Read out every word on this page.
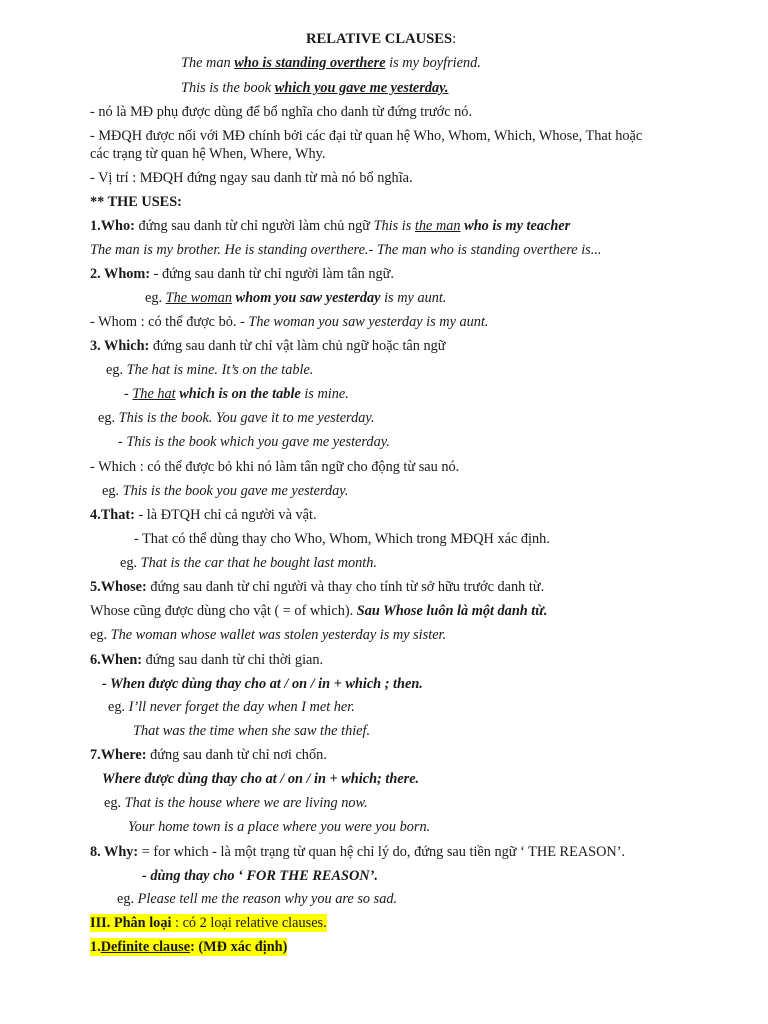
RELATIVE CLAUSES:
The man who is standing overthere is my boyfriend.
This is the book which you gave me yesterday.
- nó là MĐ phụ được dùng để bổ nghĩa cho danh từ đứng trước nó.
- MĐQH được nối với MĐ chính bởi các đại từ quan hệ Who, Whom, Which, Whose, That hoặc
các trạng từ quan hệ When, Where, Why.
- Vị trí : MĐQH đứng ngay sau danh từ mà nó bổ nghĩa.
** THE USES:
1.Who: đứng sau danh từ chỉ người làm chủ ngữ This is the man who is my teacher
The man is my brother. He is standing overthere.- The man who is standing overthere is...
2. Whom: - đứng sau danh từ chỉ người làm tân ngữ.
eg. The woman whom you saw yesterday is my aunt.
- Whom : có thể được bỏ. - The woman you saw yesterday is my aunt.
3. Which: đứng sau danh từ chỉ vật làm chủ ngữ hoặc tân ngữ
eg. The hat is mine. It’s on the table.
- The hat which is on the table is mine.
eg. This is the book. You gave it to me yesterday.
- This is the book which you gave me yesterday.
- Which : có thể được bỏ khi nó làm tân ngữ cho động từ sau nó.
eg. This is the book you gave me yesterday.
4.That: - là ĐTQH chỉ cả người và vật.
- That có thể dùng thay cho Who, Whom, Which trong MĐQH xác định.
eg. That is the car that he bought last month.
5.Whose: đứng sau danh từ chỉ người và thay cho tính từ sở hữu trước danh từ.
Whose cũng được dùng cho vật ( = of which). Sau Whose luôn là một danh từ.
eg. The woman whose wallet was stolen yesterday is my sister.
6.When: đứng sau danh từ chỉ thời gian.
- When được dùng thay cho at / on / in + which ; then.
eg. I’ll never forget the day when I met her.
That was the time when she saw the thief.
7.Where: đứng sau danh từ chỉ nơi chốn.
Where được dùng thay cho at / on / in + which; there.
eg. That is the house where we are living now.
Your home town is a place where you were you born.
8. Why: = for which - là một trạng từ quan hệ chỉ lý do, đứng sau tiền ngữ ‘ THE REASON’.
- dùng thay cho ‘ FOR THE REASON’.
eg. Please tell me the reason why you are so sad.
III. Phân loại : có 2 loại relative clauses.
1.Definite clause: (MĐ xác định)
